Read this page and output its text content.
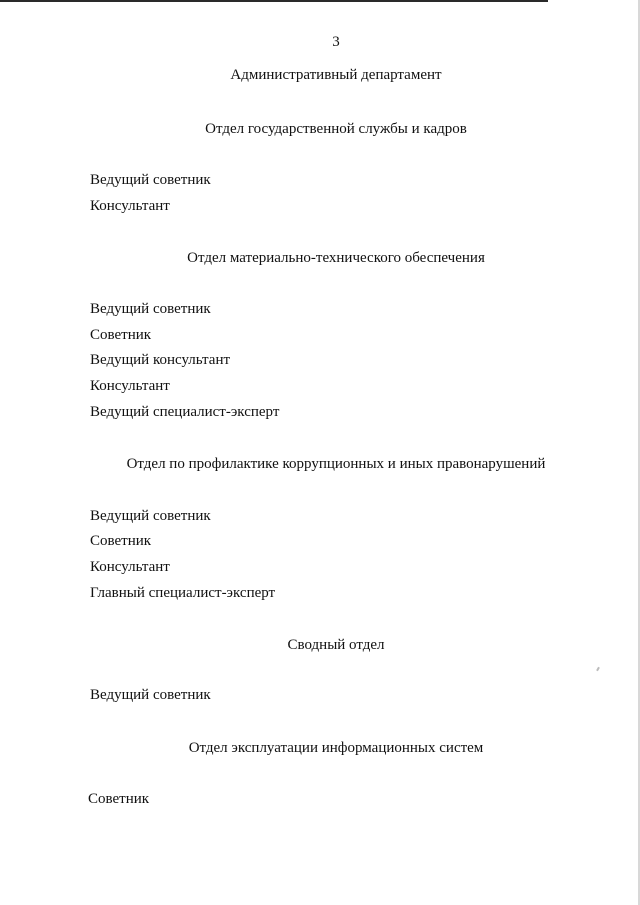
3
Административный департамент
Отдел государственной службы и кадров
Ведущий советник
Консультант
Отдел материально-технического обеспечения
Ведущий советник
Советник
Ведущий консультант
Консультант
Ведущий специалист-эксперт
Отдел по профилактике коррупционных и иных правонарушений
Ведущий советник
Советник
Консультант
Главный специалист-эксперт
Сводный отдел
Ведущий советник
Отдел эксплуатации информационных систем
Советник
